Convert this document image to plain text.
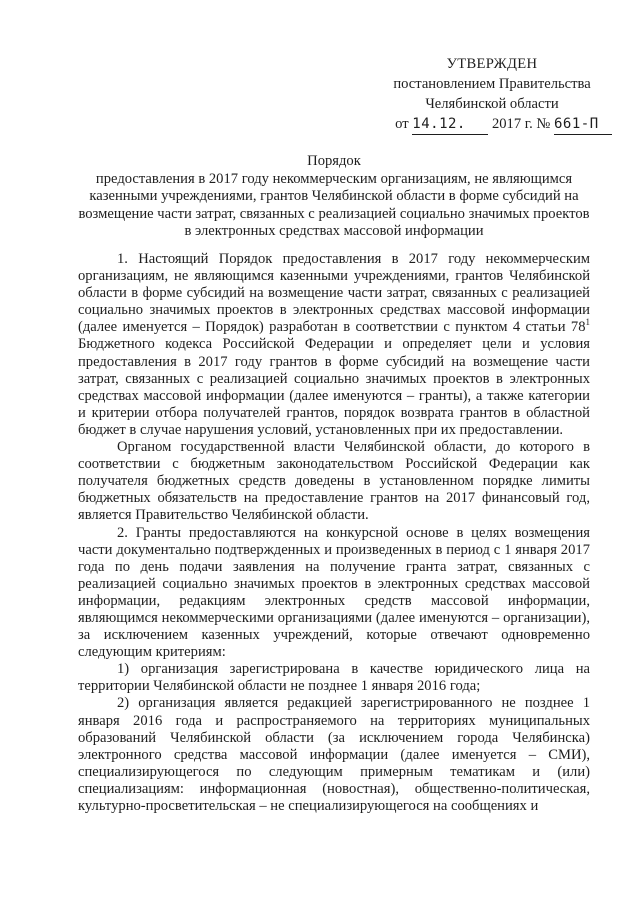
УТВЕРЖДЕН
постановлением Правительства
Челябинской области
от 14.12. 2017 г. № 661-П
Порядок
предоставления в 2017 году некоммерческим организациям, не являющимся казенными учреждениями, грантов Челябинской области в форме субсидий на возмещение части затрат, связанных с реализацией социально значимых проектов в электронных средствах массовой информации

1. Настоящий Порядок предоставления в 2017 году некоммерческим организациям, не являющимся казенными учреждениями, грантов Челябинской области в форме субсидий на возмещение части затрат, связанных с реализацией социально значимых проектов в электронных средствах массовой информации (далее именуется – Порядок) разработан в соответствии с пунктом 4 статьи $78^1$ Бюджетного кодекса Российской Федерации и определяет цели и условия предоставления в 2017 году грантов в форме субсидий на возмещение части затрат, связанных с реализацией социально значимых проектов в электронных средствах массовой информации (далее именуются – гранты), а также категории и критерии отбора получателей грантов, порядок возврата грантов в областной бюджет в случае нарушения условий, установленных при их предоставлении.

Органом государственной власти Челябинской области, до которого в соответствии с бюджетным законодательством Российской Федерации как получателя бюджетных средств доведены в установленном порядке лимиты бюджетных обязательств на предоставление грантов на 2017 финансовый год, является Правительство Челябинской области.

2. Гранты предоставляются на конкурсной основе в целях возмещения части документально подтвержденных и произведенных в период с 1 января 2017 года по день подачи заявления на получение гранта затрат, связанных с реализацией социально значимых проектов в электронных средствах массовой информации, редакциям электронных средств массовой информации, являющимся некоммерческими организациями (далее именуются – организации), за исключением казенных учреждений, которые отвечают одновременно следующим критериям:

1) организация зарегистрирована в качестве юридического лица на территории Челябинской области не позднее 1 января 2016 года;

2) организация является редакцией зарегистрированного не позднее 1 января 2016 года и распространяемого на территориях муниципальных образований Челябинской области (за исключением города Челябинска) электронного средства массовой информации (далее именуется – СМИ), специализирующегося по следующим примерным тематикам и (или) специализациям: информационная (новостная), общественно-политическая, культурно-просветительская – не специализирующегося на сообщениях и
